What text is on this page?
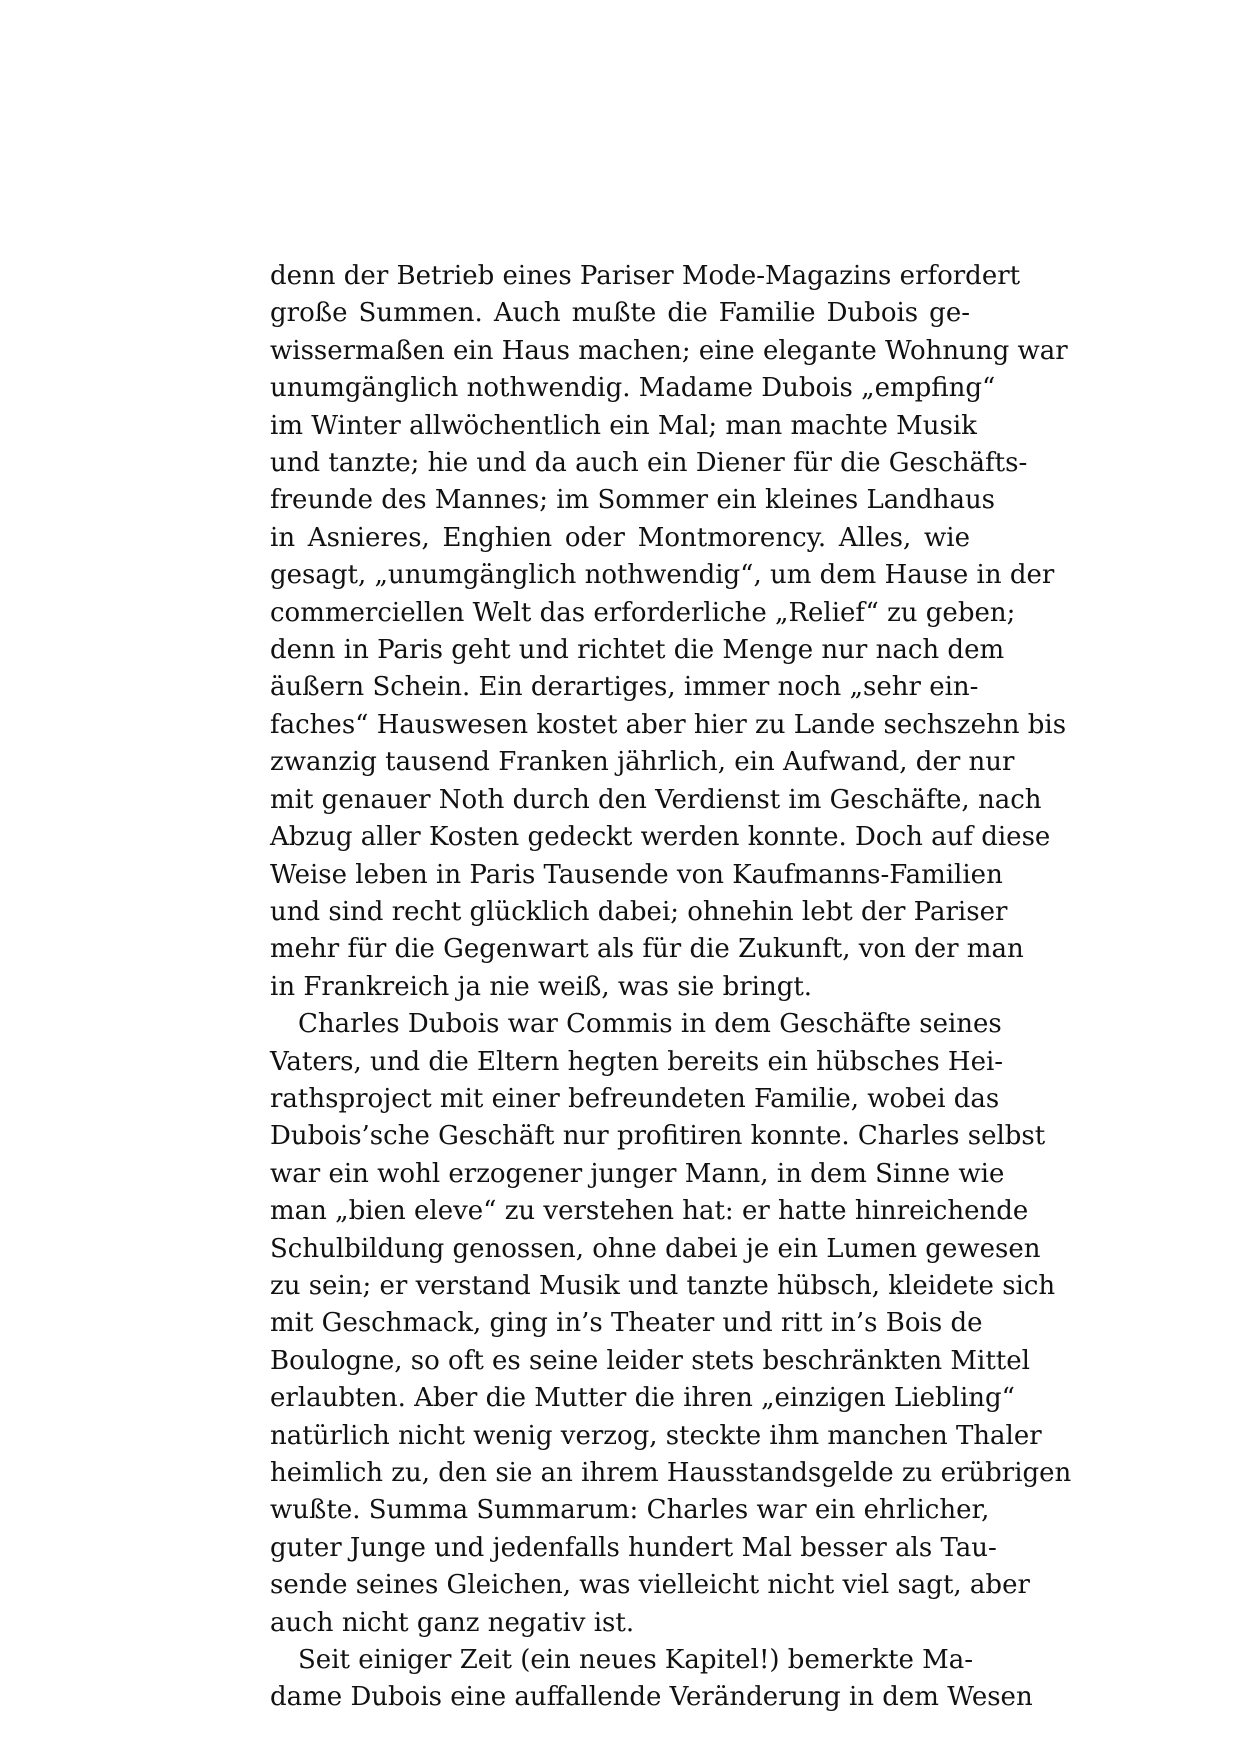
denn der Betrieb eines Pariser Mode-Magazins erfordert
große Summen. Auch mußte die Familie Dubois ge-
wissermaßen ein Haus machen; eine elegante Wohnung war
unumgänglich nothwendig. Madame Dubois „empfing“
im Winter allwöchentlich ein Mal; man machte Musik
und tanzte; hie und da auch ein Diener für die Geschäfts-
freunde des Mannes; im Sommer ein kleines Landhaus
in Asnieres, Enghien oder Montmorency. Alles, wie
gesagt, „unumgänglich nothwendig“, um dem Hause in der
commerciellen Welt das erforderliche „Relief“ zu geben;
denn in Paris geht und richtet die Menge nur nach dem
äußern Schein. Ein derartiges, immer noch „sehr ein-
faches“ Hauswesen kostet aber hier zu Lande sechszehn bis
zwanzig tausend Franken jährlich, ein Aufwand, der nur
mit genauer Noth durch den Verdienst im Geschäfte, nach
Abzug aller Kosten gedeckt werden konnte. Doch auf diese
Weise leben in Paris Tausende von Kaufmanns-Familien
und sind recht glücklich dabei; ohnehin lebt der Pariser
mehr für die Gegenwart als für die Zukunft, von der man
in Frankreich ja nie weiß, was sie bringt.
Charles Dubois war Commis in dem Geschäfte seines
Vaters, und die Eltern hegten bereits ein hübsches Hei-
rathsproject mit einer befreundeten Familie, wobei das
Dubois’sche Geschäft nur profitiren konnte. Charles selbst
war ein wohl erzogener junger Mann, in dem Sinne wie
man „bien eleve“ zu verstehen hat: er hatte hinreichende
Schulbildung genossen, ohne dabei je ein Lumen gewesen
zu sein; er verstand Musik und tanzte hübsch, kleidete sich
mit Geschmack, ging in’s Theater und ritt in’s Bois de
Boulogne, so oft es seine leider stets beschränkten Mittel
erlaubten. Aber die Mutter die ihren „einzigen Liebling“
natürlich nicht wenig verzog, steckte ihm manchen Thaler
heimlich zu, den sie an ihrem Hausstandsgelde zu erübrigen
wußte. Summa Summarum: Charles war ein ehrlicher,
guter Junge und jedenfalls hundert Mal besser als Tau-
sende seines Gleichen, was vielleicht nicht viel sagt, aber
auch nicht ganz negativ ist.
Seit einiger Zeit (ein neues Kapitel!) bemerkte Ma-
dame Dubois eine auffallende Veränderung in dem Wesen
